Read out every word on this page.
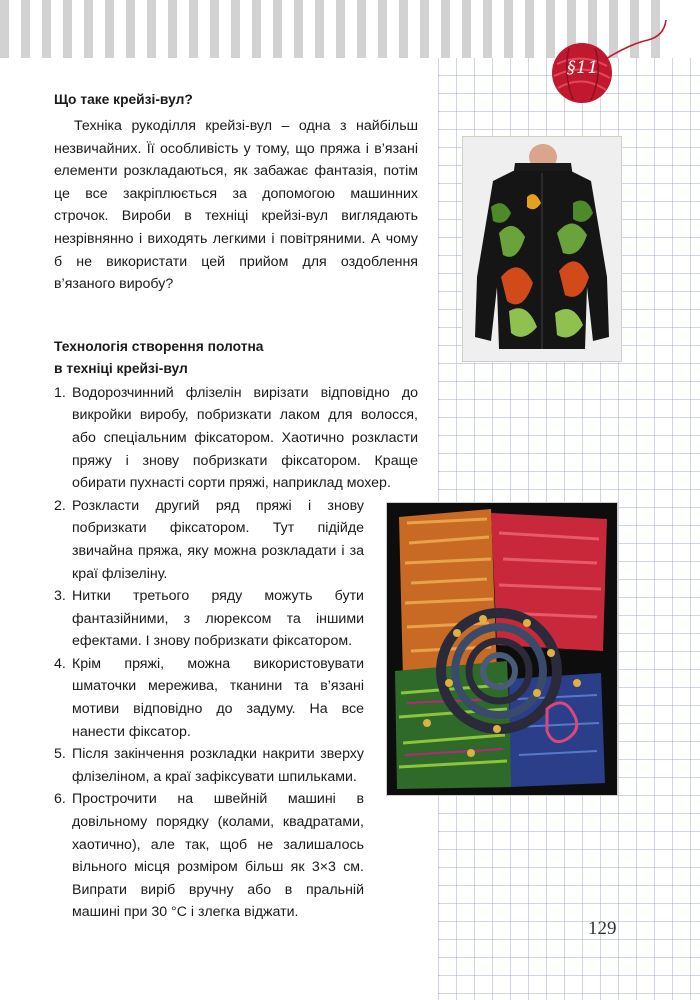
§11

Що таке крейзі-вул?

Техніка рукоділля крейзі-вул – одна з найбільш незвичайних. Її особливість у тому, що пряжа і в’язані елементи розкладаються, як забажає фантазія, потім це все закріплюється за допомогою машинних строчок. Вироби в техніці крейзі-вул виглядають незрівнянно і виходять легкими і повітряними. А чому б не використати цей прийом для оздоблення в’язаного виробу?

Технологія створення полотна
в техніці крейзі-вул

1. Водорозчинний флізелін вирізати відповідно до викройки виробу, побризкати лаком для волосся, або спеціальним фіксатором. Хаотично розкласти пряжу і знову побризкати фіксатором. Краще обирати пухнасті сорти пряжі, наприклад мохер.
2. Розкласти другий ряд пряжі і знову побризкати фіксатором. Тут підійде звичайна пряжа, яку можна розкладати і за краї флізеліну.
3. Нитки третього ряду можуть бути фантазійними, з люрексом та іншими ефектами. І знову побризкати фіксатором.
4. Крім пряжі, можна використовувати шматочки мережива, тканини та в’язані мотиви відповідно до задуму. На все нанести фіксатор.
5. Після закінчення розкладки накрити зверху флізеліном, а краї зафіксувати шпильками.
6. Прострочити на швейній машині в довільному порядку (колами, квадратами, хаотично), але так, щоб не залишалось вільного місця розміром більш як 3×3 см. Випрати виріб вручну або в пральній машині при 30 °С і злегка віджати.
129
